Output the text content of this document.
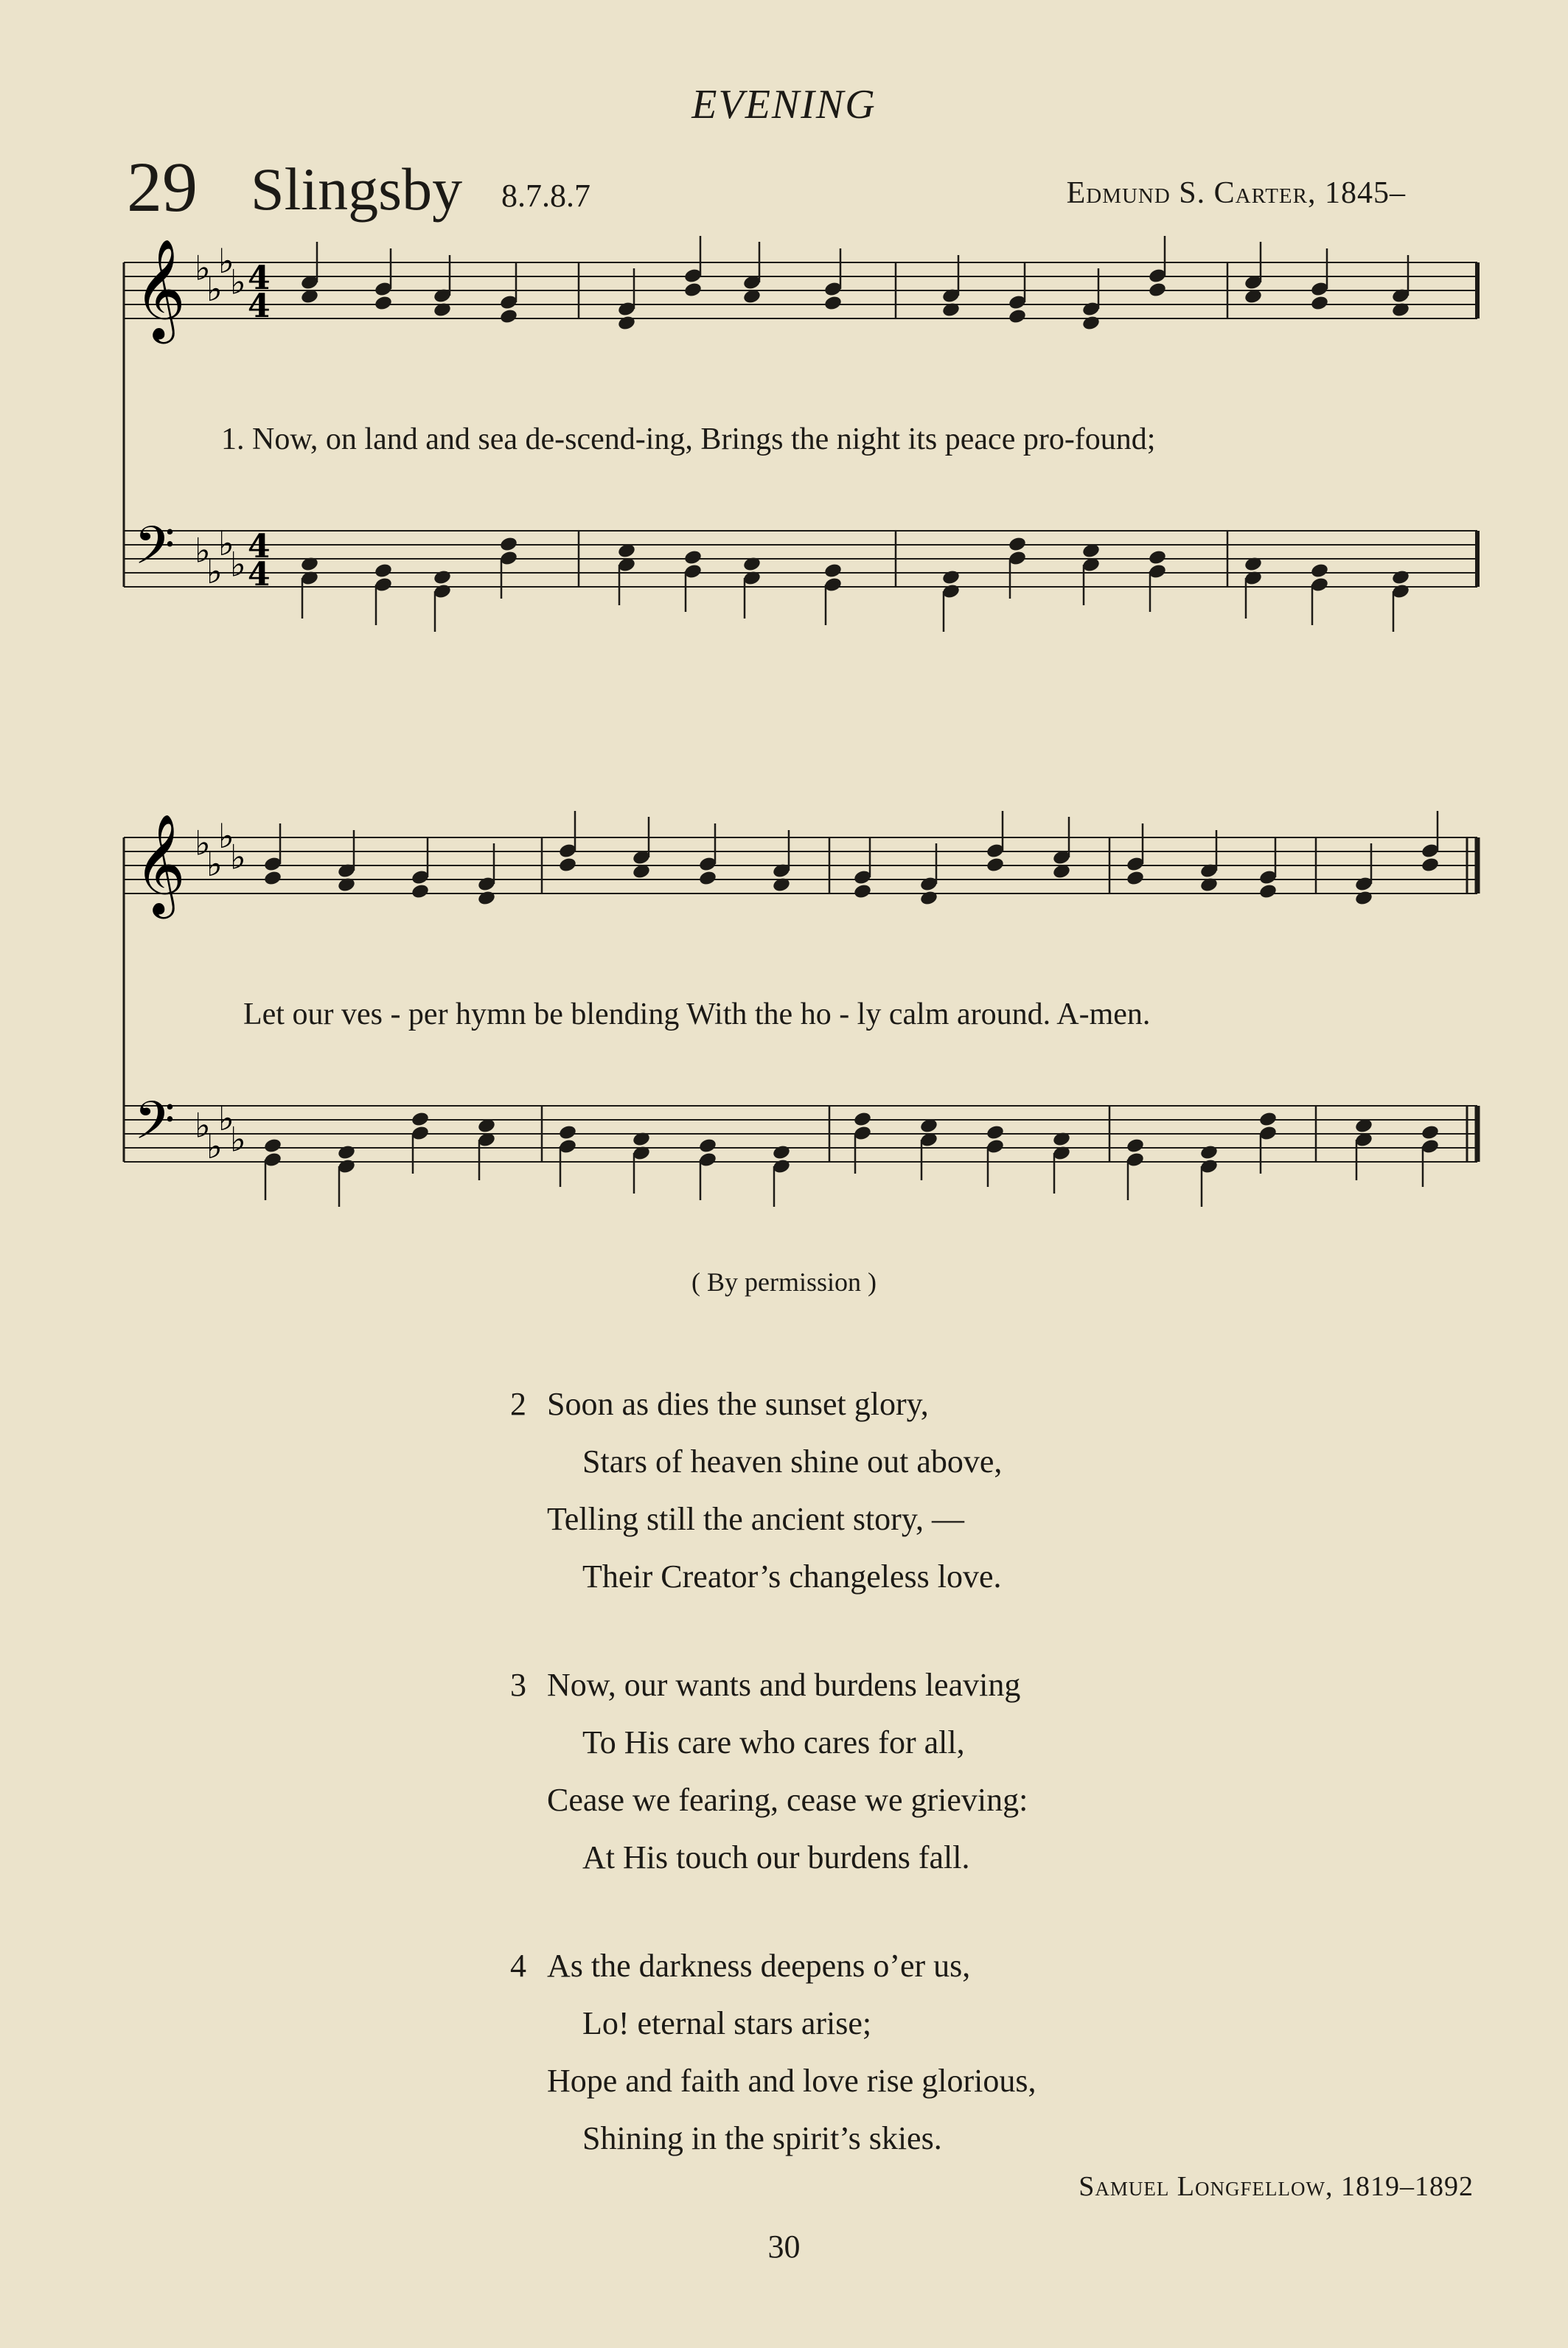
EVENING
29 Slingsby 8.7.8.7	Edmund S. Carter, 1845–
𝄞 ♭
♭
♭
♭ 4
4
𝄢 ♭
♭
♭
♭ 4
4
1. Now, on land and sea de-scend-ing, Brings the night its peace pro-found;
𝄞 ♭
♭
♭
♭
𝄢 ♭
♭
♭
♭
Let our ves - per hymn be blending With the ho - ly calm around. A-men.
( By permission )
2 Soon as dies the sunset glory,
Stars of heaven shine out above,
Telling still the ancient story, —
Their Creator’s changeless love.
3 Now, our wants and burdens leaving
To His care who cares for all,
Cease we fearing, cease we grieving:
At His touch our burdens fall.
4 As the darkness deepens o’er us,
Lo! eternal stars arise;
Hope and faith and love rise glorious,
Shining in the spirit’s skies.
Samuel Longfellow, 1819–1892
30
